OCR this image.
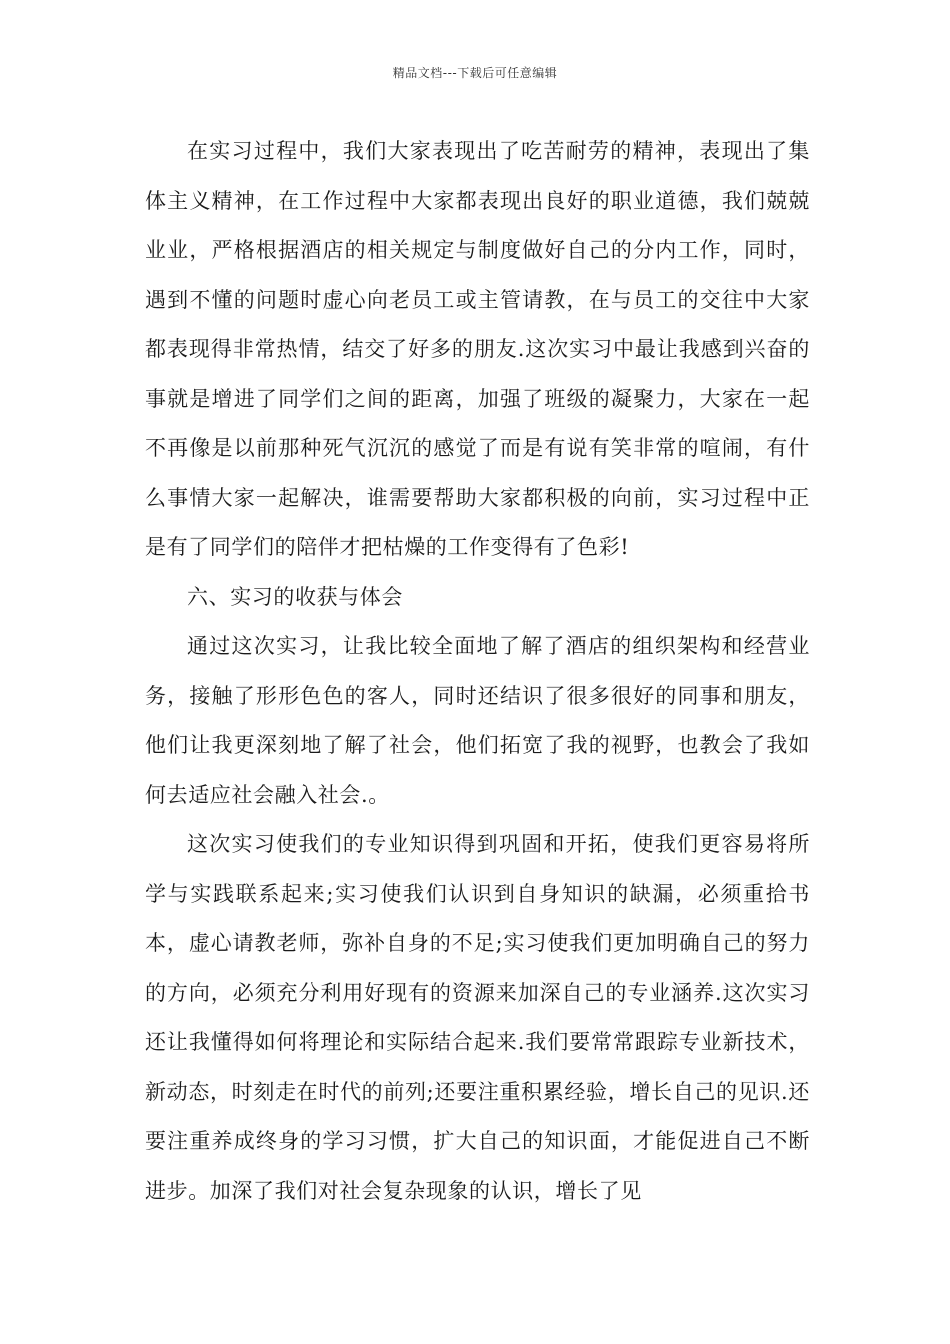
精品文档---下载后可任意编辑

在实习过程中，我们大家表现出了吃苦耐劳的精神，表现出了集体主义精神，在工作过程中大家都表现出良好的职业道德，我们兢兢业业，严格根据酒店的相关规定与制度做好自己的分内工作，同时，遇到不懂的问题时虚心向老员工或主管请教，在与员工的交往中大家都表现得非常热情，结交了好多的朋友.这次实习中最让我感到兴奋的事就是增进了同学们之间的距离，加强了班级的凝聚力，大家在一起不再像是以前那种死气沉沉的感觉了而是有说有笑非常的喧闹，有什么事情大家一起解决，谁需要帮助大家都积极的向前，实习过程中正是有了同学们的陪伴才把枯燥的工作变得有了色彩!

六、实习的收获与体会

通过这次实习，让我比较全面地了解了酒店的组织架构和经营业务，接触了形形色色的客人，同时还结识了很多很好的同事和朋友，他们让我更深刻地了解了社会，他们拓宽了我的视野，也教会了我如何去适应社会融入社会.。

这次实习使我们的专业知识得到巩固和开拓，使我们更容易将所学与实践联系起来;实习使我们认识到自身知识的缺漏，必须重拾书本，虚心请教老师，弥补自身的不足;实习使我们更加明确自己的努力的方向，必须充分利用好现有的资源来加深自己的专业涵养.这次实习还让我懂得如何将理论和实际结合起来.我们要常常跟踪专业新技术，新动态，时刻走在时代的前列;还要注重积累经验，增长自己的见识.还要注重养成终身的学习习惯，扩大自己的知识面，才能促进自己不断进步。加深了我们对社会复杂现象的认识，增长了见
